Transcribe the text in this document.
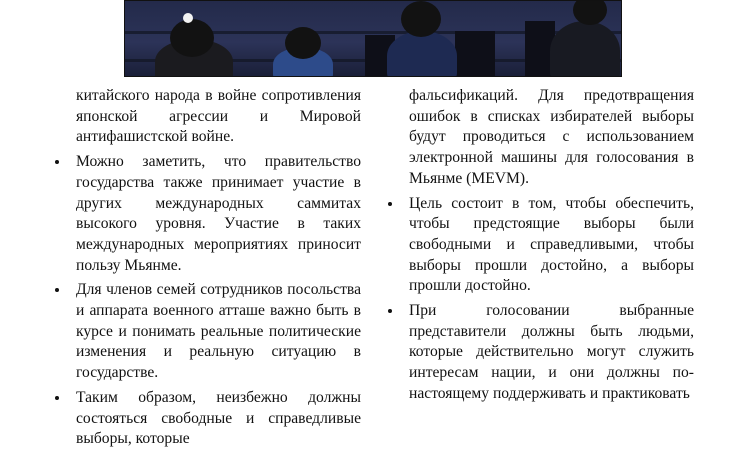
китайского народа в войне сопротивления японской агрессии и Мировой антифашистской войне.

Можно заметить, что правительство государства также принимает участие в других международных саммитах высокого уровня. Участие в таких международных мероприятиях приносит пользу Мьянме.

Для членов семей сотрудников посольства и аппарата военного атташе важно быть в курсе и понимать реальные политические изменения и реальную ситуацию в государстве.

Таким образом, неизбежно должны состояться свободные и справедливые выборы, которые

фальсификаций. Для предотвращения ошибок в списках избирателей выборы будут проводиться с использованием электронной машины для голосования в Мьянме (MEVM).

Цель состоит в том, чтобы обеспечить, чтобы предстоящие выборы были свободными и справедливыми, чтобы выборы прошли достойно, а выборы прошли достойно.

При голосовании выбранные представители должны быть людьми, которые действительно могут служить интересам нации, и они должны по-настоящему поддерживать и практиковать
